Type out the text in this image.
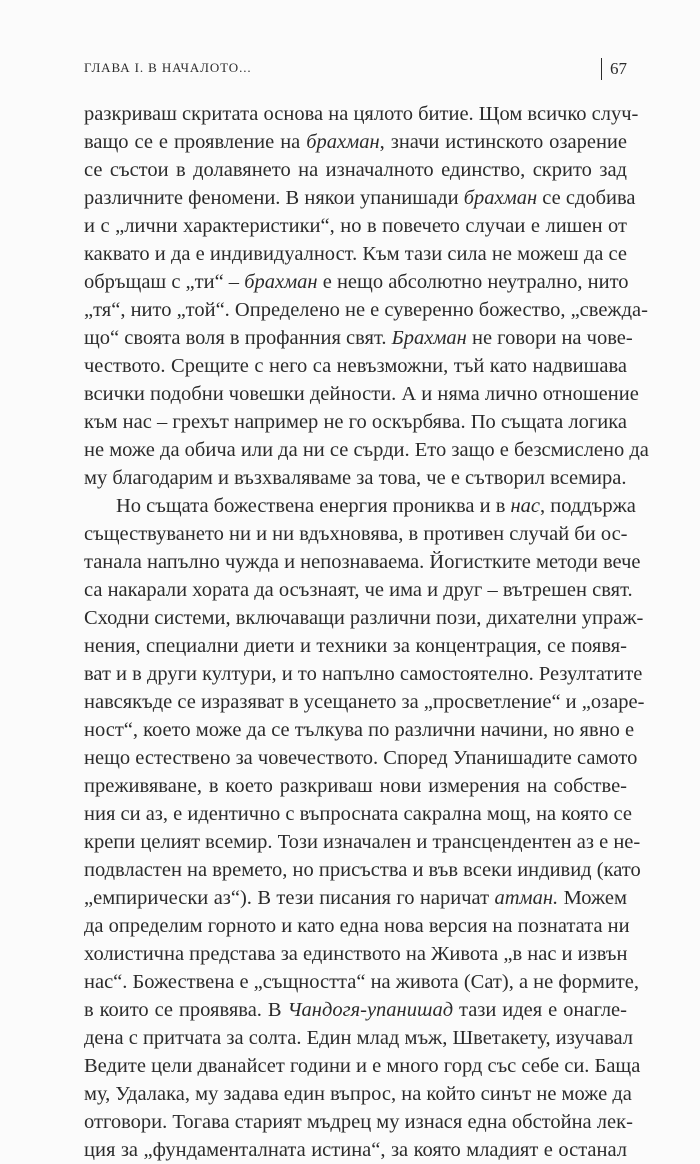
ГЛАВА I. В НАЧАЛОТО...	67
разкриваш скритата основа на цялото битие. Щом всичко случ-
ващо се е проявление на брахман, значи истинското озарение
се състои в долавянето на изначалното единство, скрито зад
различните феномени. В някои упанишади брахман се сдобива
и с „лични характеристики“, но в повечето случаи е лишен от
каквато и да е индивидуалност. Към тази сила не можеш да се
обръщаш с „ти“ – брахман е нещо абсолютно неутрално, нито
„тя“, нито „той“. Определено не е суверенно божество, „свежда-
що“ своята воля в профанния свят. Брахман не говори на чове-
чеството. Срещите с него са невъзможни, тъй като надвишава
всички подобни човешки дейности. А и няма лично отношение
към нас – грехът например не го оскърбява. По същата логика
не може да обича или да ни се сърди. Ето защо е безсмислено да
му благодарим и възхваляваме за това, че е сътворил всемира.
Но същата божествена енергия прониква и в нас, поддържа
съществуването ни и ни вдъхновява, в противен случай би ос-
танала напълно чужда и непознаваема. Йогистките методи вече
са накарали хората да осъзнаят, че има и друг – вътрешен свят.
Сходни системи, включаващи различни пози, дихателни упраж-
нения, специални диети и техники за концентрация, се появя-
ват и в други култури, и то напълно самостоятелно. Резултатите
навсякъде се изразяват в усещането за „просветление“ и „озаре-
ност“, което може да се тълкува по различни начини, но явно е
нещо естествено за човечеството. Според Упанишадите самото
преживяване, в което разкриваш нови измерения на собстве-
ния си аз, е идентично с въпросната сакрална мощ, на която се
крепи целият всемир. Този изначален и трансцендентен аз е не-
подвластен на времето, но присъства и във всеки индивид (като
„емпирически аз“). В тези писания го наричат атман. Можем
да определим горното и като една нова версия на познатата ни
холистична представа за единството на Живота „в нас и извън
нас“. Божествена е „същността“ на живота (Сат), а не формите,
в които се проявява. В Чандогя-упанишад тази идея е онагле-
дена с притчата за солта. Един млад мъж, Шветакету, изучавал
Ведите цели дванайсет години и е много горд със себе си. Баща
му, Удалака, му задава един въпрос, на който синът не може да
отговори. Тогава старият мъдрец му изнася една обстойна лек-
ция за „фундаменталната истина“, за която младият е останал
